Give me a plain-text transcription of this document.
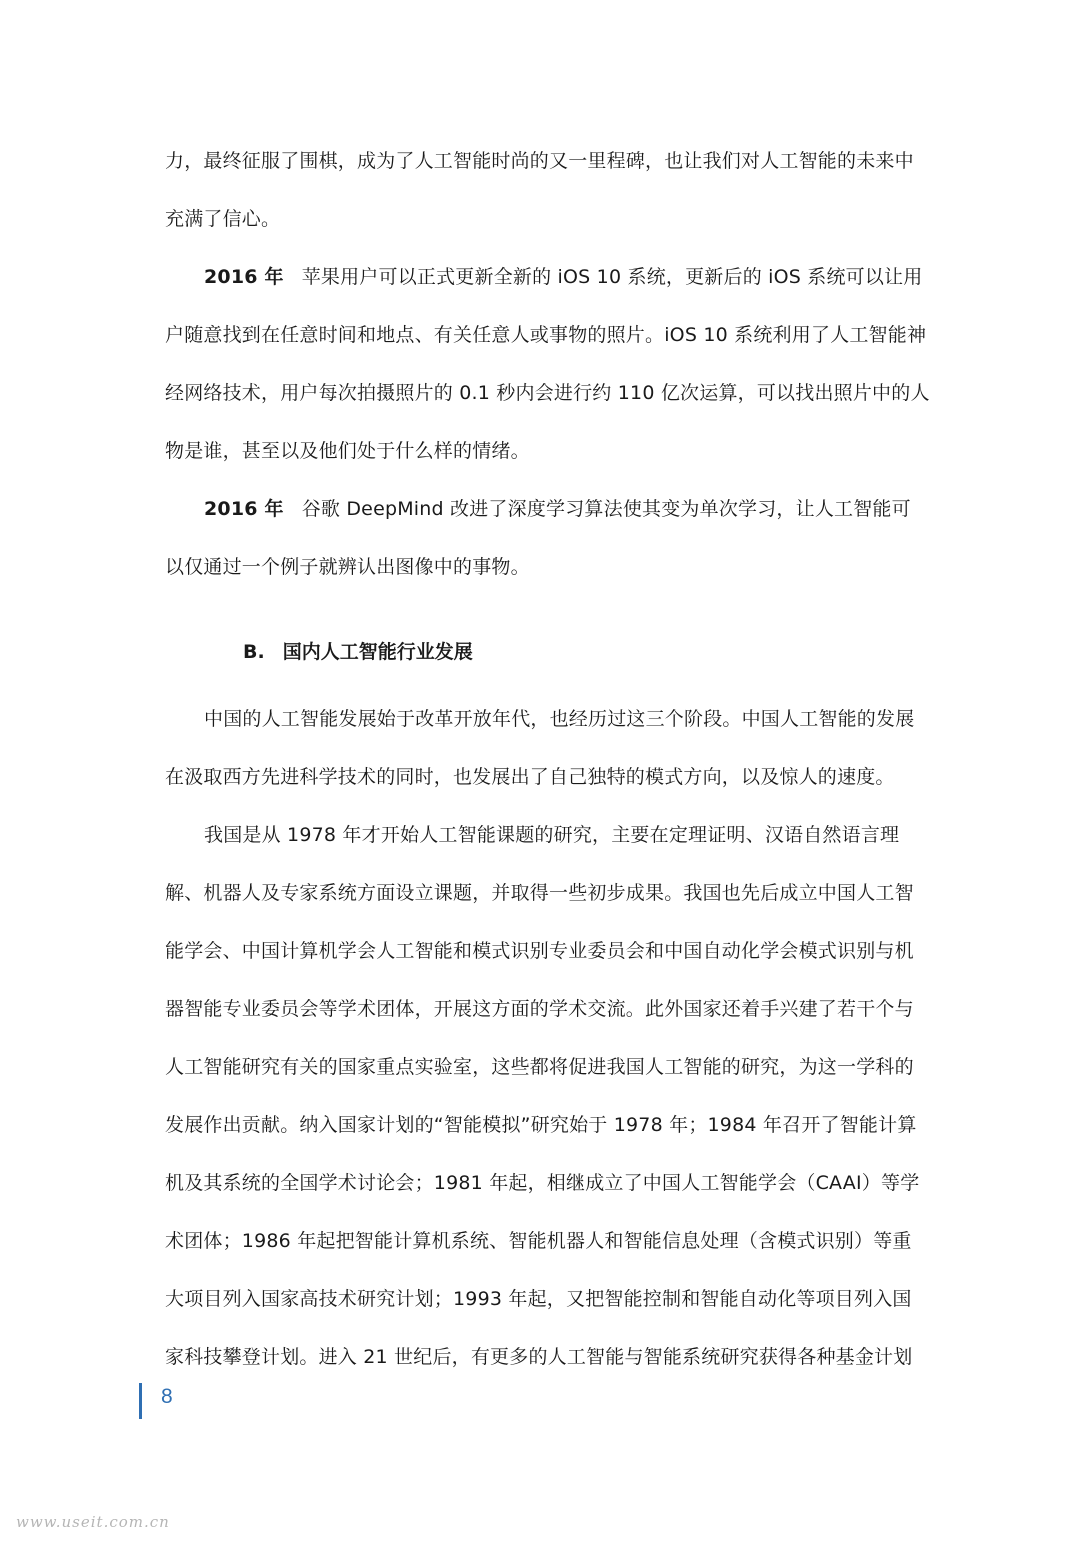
力，最终征服了围棋，成为了人工智能时尚的又一里程碑，也让我们对人工智能的未来中充满了信心。

2016 年 苹果用户可以正式更新全新的 iOS 10 系统，更新后的 iOS 系统可以让用户随意找到在任意时间和地点、有关任意人或事物的照片。iOS 10 系统利用了人工智能神经网络技术，用户每次拍摄照片的 0.1 秒内会进行约 110 亿次运算，可以找出照片中的人物是谁，甚至以及他们处于什么样的情绪。

2016 年 谷歌 DeepMind 改进了深度学习算法使其变为单次学习，让人工智能可以仅通过一个例子就辨认出图像中的事物。

B. 国内人工智能行业发展

中国的人工智能发展始于改革开放年代，也经历过这三个阶段。中国人工智能的发展在汲取西方先进科学技术的同时，也发展出了自己独特的模式方向，以及惊人的速度。

我国是从 1978 年才开始人工智能课题的研究，主要在定理证明、汉语自然语言理解、机器人及专家系统方面设立课题，并取得一些初步成果。我国也先后成立中国人工智能学会、中国计算机学会人工智能和模式识别专业委员会和中国自动化学会模式识别与机器智能专业委员会等学术团体，开展这方面的学术交流。此外国家还着手兴建了若干个与人工智能研究有关的国家重点实验室，这些都将促进我国人工智能的研究，为这一学科的发展作出贡献。纳入国家计划的“智能模拟”研究始于 1978 年；1984 年召开了智能计算机及其系统的全国学术讨论会；1981 年起，相继成立了中国人工智能学会（CAAI）等学术团体；1986 年起把智能计算机系统、智能机器人和智能信息处理（含模式识别）等重大项目列入国家高技术研究计划；1993 年起，又把智能控制和智能自动化等项目列入国家科技攀登计划。进入 21 世纪后，有更多的人工智能与智能系统研究获得各种基金计划

8
www.useit.com.cn
